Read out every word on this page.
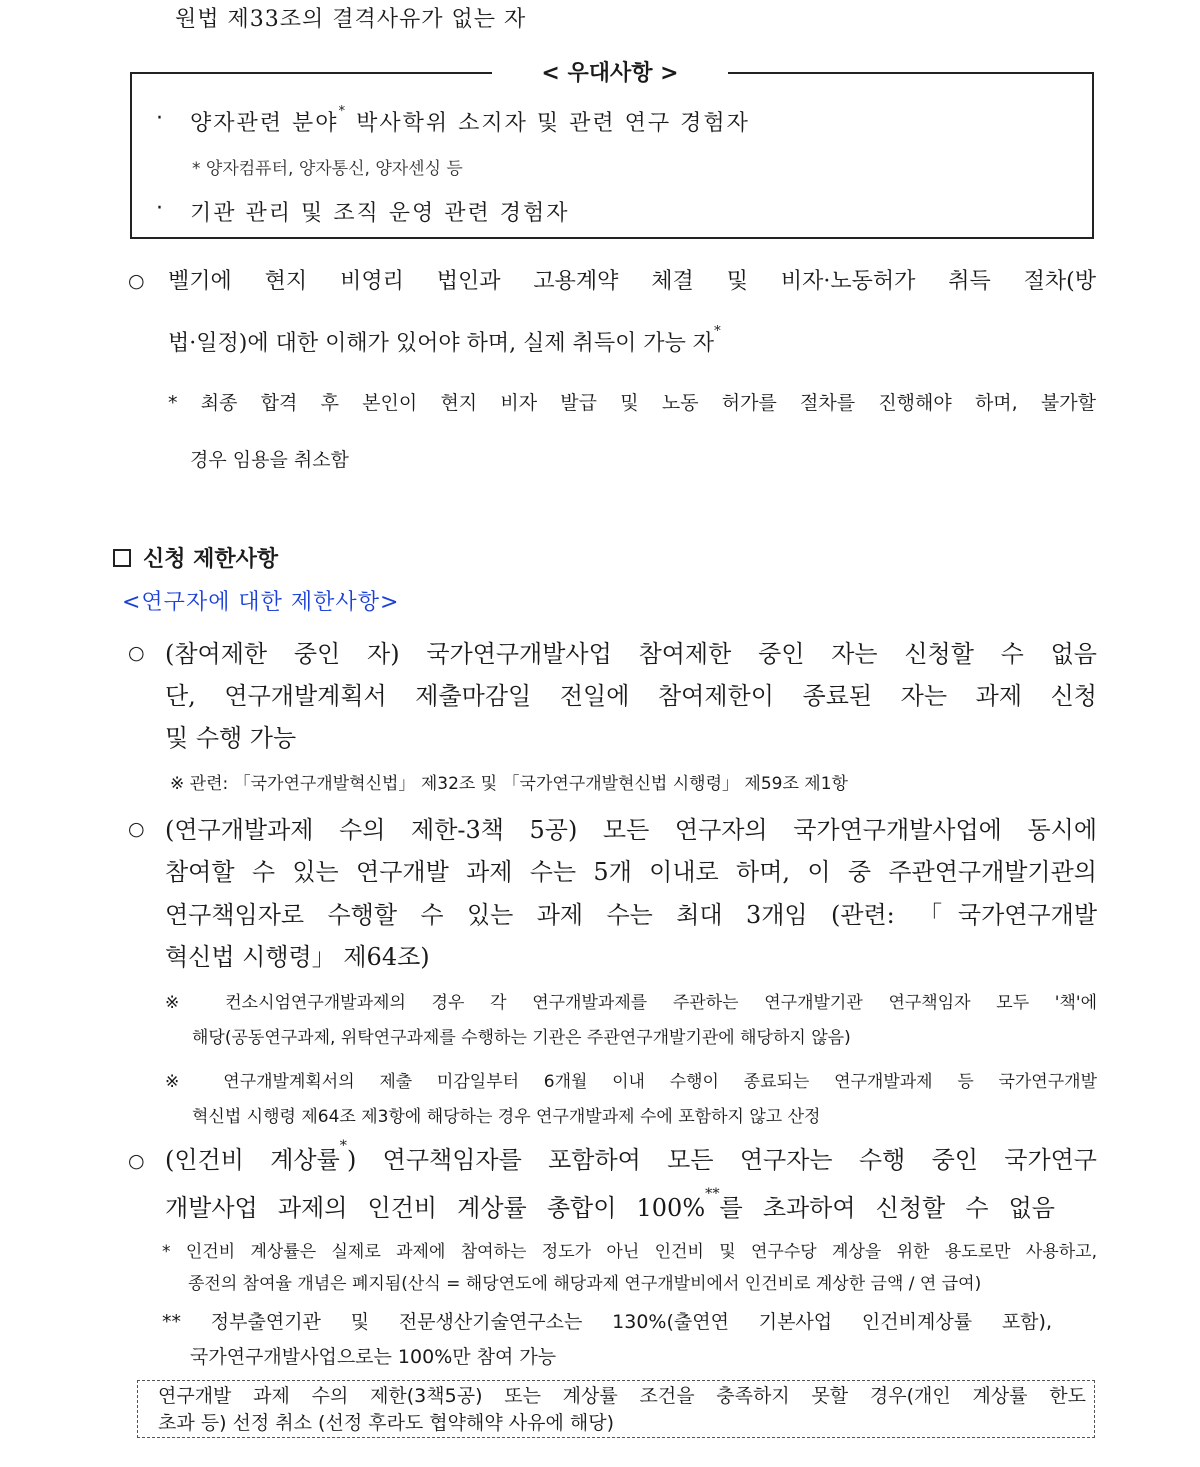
원법 제33조의 결격사유가 없는 자
< 우대사항 >
· 양자관련 분야* 박사학위 소지자 및 관련 연구 경험자
* 양자컴퓨터, 양자통신, 양자센싱 등
· 기관 관리 및 조직 운영 관련 경험자
○ 벨기에 현지 비영리 법인과 고용계약 체결 및 비자·노동허가 취득 절차(방
법·일정)에 대한 이해가 있어야 하며, 실제 취득이 가능 자*
* 최종 합격 후 본인이 현지 비자 발급 및 노동 허가를 절차를 진행해야 하며, 불가할
경우 임용을 취소함
신청 제한사항
<연구자에 대한 제한사항>
○ (참여제한 중인 자) 국가연구개발사업 참여제한 중인 자는 신청할 수 없음
단, 연구개발계획서 제출마감일 전일에 참여제한이 종료된 자는 과제 신청
및 수행 가능
※ 관련: 「국가연구개발혁신법」 제32조 및 「국가연구개발현신법 시행령」 제59조 제1항
○ (연구개발과제 수의 제한-3책 5공) 모든 연구자의 국가연구개발사업에 동시에
참여할 수 있는 연구개발 과제 수는 5개 이내로 하며, 이 중 주관연구개발기관의
연구책임자로 수행할 수 있는 과제 수는 최대 3개임 (관련: 「국가연구개발
혁신법 시행령」 제64조)
※ 컨소시엄연구개발과제의 경우 각 연구개발과제를 주관하는 연구개발기관 연구책임자 모두 '책'에
해당(공동연구과제, 위탁연구과제를 수행하는 기관은 주관연구개발기관에 해당하지 않음)
※ 연구개발계획서의 제출 미감일부터 6개월 이내 수행이 종료되는 연구개발과제 등 국가연구개발
혁신법 시행령 제64조 제3항에 해당하는 경우 연구개발과제 수에 포함하지 않고 산정
○ (인건비 계상률*) 연구책임자를 포함하여 모든 연구자는 수행 중인 국가연구
개발사업 과제의 인건비 계상률 총합이 100%**를 초과하여 신청할 수 없음
* 인건비 계상률은 실제로 과제에 참여하는 정도가 아닌 인건비 및 연구수당 계상을 위한 용도로만 사용하고,
종전의 참여율 개념은 폐지됨(산식 = 해당연도에 해당과제 연구개발비에서 인건비로 계상한 금액 / 연 급여)
** 정부출연기관 및 전문생산기술연구소는 130%(출연연 기본사업 인건비계상률 포함),
국가연구개발사업으로는 100%만 참여 가능
연구개발 과제 수의 제한(3책5공) 또는 계상률 조건을 충족하지 못할 경우(개인 계상률 한도
초과 등) 선정 취소 (선정 후라도 협약해약 사유에 해당)
